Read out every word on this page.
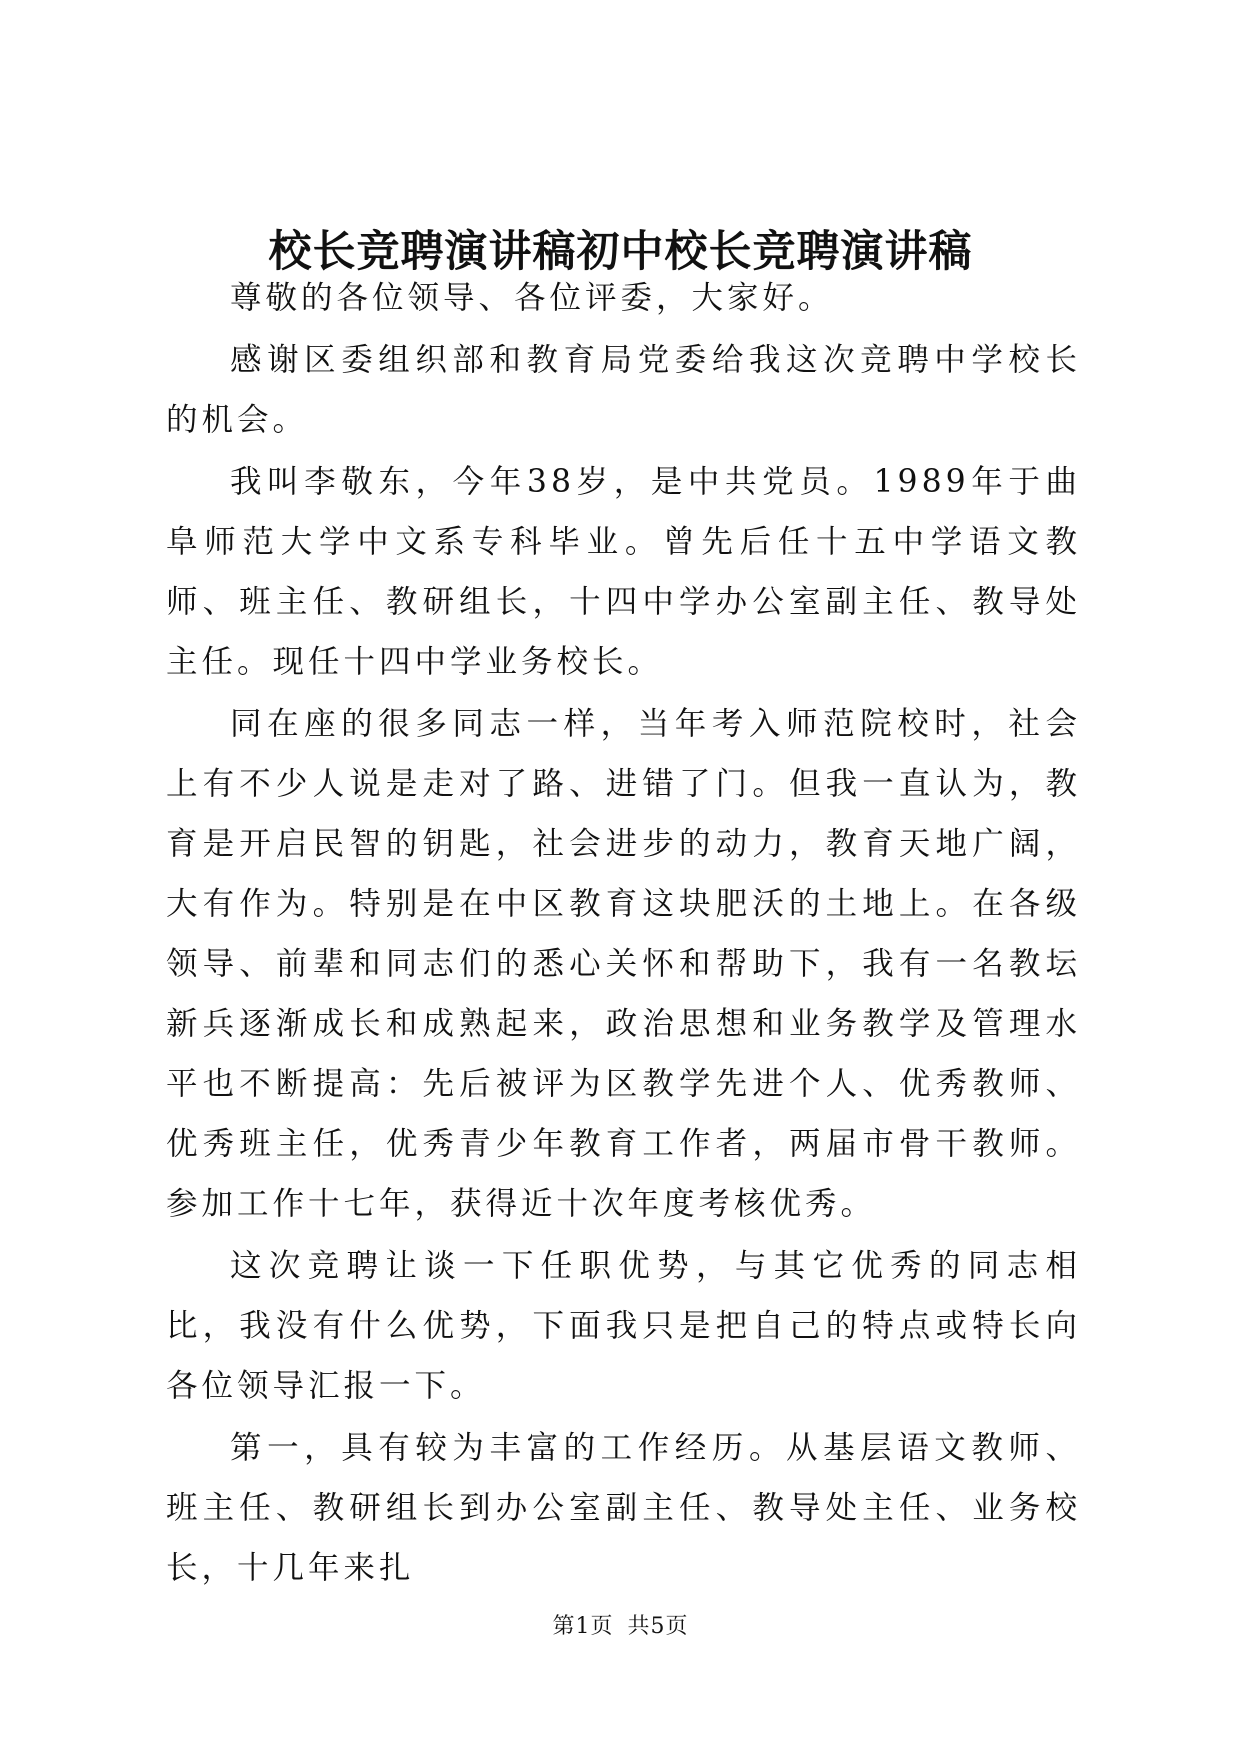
校长竞聘演讲稿初中校长竞聘演讲稿

尊敬的各位领导、各位评委，大家好。

感谢区委组织部和教育局党委给我这次竞聘中学校长的机会。

我叫李敬东，今年38岁，是中共党员。1989年于曲阜师范大学中文系专科毕业。曾先后任十五中学语文教师、班主任、教研组长，十四中学办公室副主任、教导处主任。现任十四中学业务校长。

同在座的很多同志一样，当年考入师范院校时，社会上有不少人说是走对了路、进错了门。但我一直认为，教育是开启民智的钥匙，社会进步的动力，教育天地广阔，大有作为。特别是在中区教育这块肥沃的土地上。在各级领导、前辈和同志们的悉心关怀和帮助下，我有一名教坛新兵逐渐成长和成熟起来，政治思想和业务教学及管理水平也不断提高：先后被评为区教学先进个人、优秀教师、优秀班主任，优秀青少年教育工作者，两届市骨干教师。参加工作十七年，获得近十次年度考核优秀。

这次竞聘让谈一下任职优势，与其它优秀的同志相比，我没有什么优势，下面我只是把自己的特点或特长向各位领导汇报一下。

第一，具有较为丰富的工作经历。从基层语文教师、班主任、教研组长到办公室副主任、教导处主任、业务校长，十几年来扎

第1页 共5页
